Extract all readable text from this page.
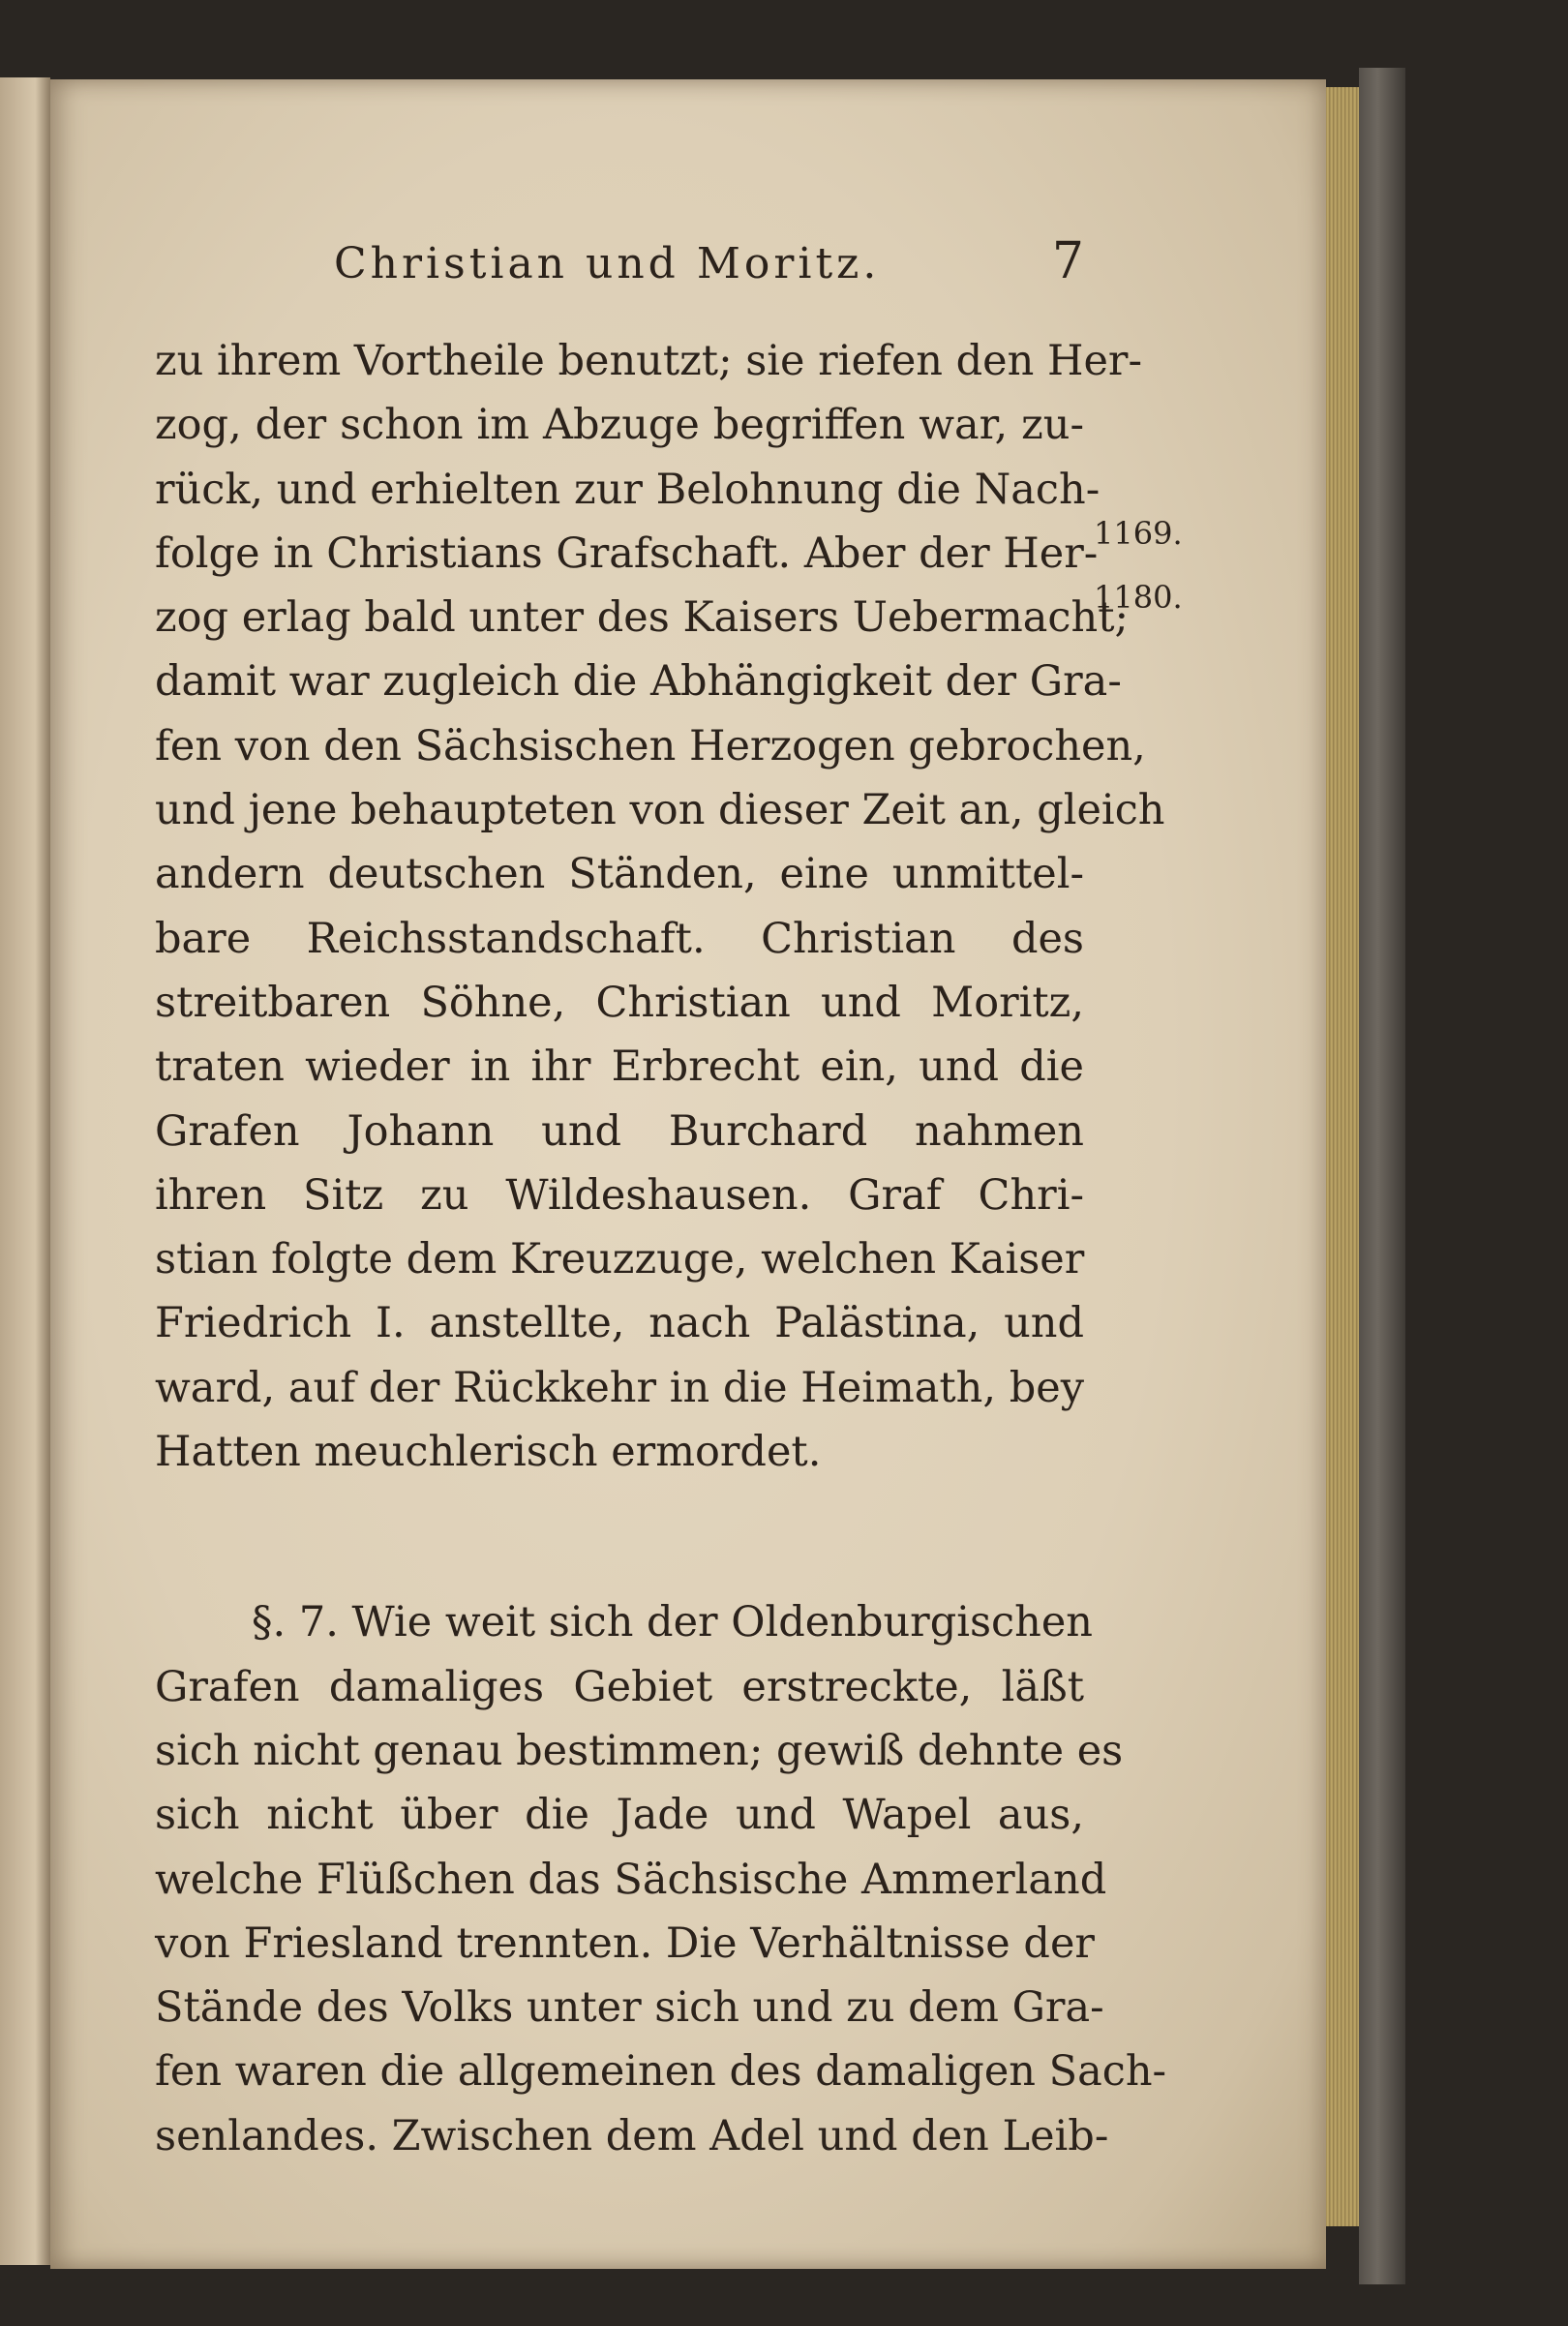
Christian und Moritz.	7
1169.
1180.
zu ihrem Vortheile benutzt; sie riefen den Her-
zog, der schon im Abzuge begriffen war, zu-
rück, und erhielten zur Belohnung die Nach-
folge in Christians Grafschaft. Aber der Her-
zog erlag bald unter des Kaisers Uebermacht;
damit war zugleich die Abhängigkeit der Gra-
fen von den Sächsischen Herzogen gebrochen,
und jene behaupteten von dieser Zeit an, gleich
andern deutschen Ständen, eine unmittel-
bare Reichsstandschaft. Christian des
streitbaren Söhne, Christian und Moritz,
traten wieder in ihr Erbrecht ein, und die
Grafen Johann und Burchard nahmen
ihren Sitz zu Wildeshausen. Graf Chri-
stian folgte dem Kreuzzuge, welchen Kaiser
Friedrich I. anstellte, nach Palästina, und
ward, auf der Rückkehr in die Heimath, bey
Hatten meuchlerisch ermordet.
§. 7. Wie weit sich der Oldenburgischen
Grafen damaliges Gebiet erstreckte, läßt
sich nicht genau bestimmen; gewiß dehnte es
sich nicht über die Jade und Wapel aus,
welche Flüßchen das Sächsische Ammerland
von Friesland trennten. Die Verhältnisse der
Stände des Volks unter sich und zu dem Gra-
fen waren die allgemeinen des damaligen Sach-
senlandes. Zwischen dem Adel und den Leib-
